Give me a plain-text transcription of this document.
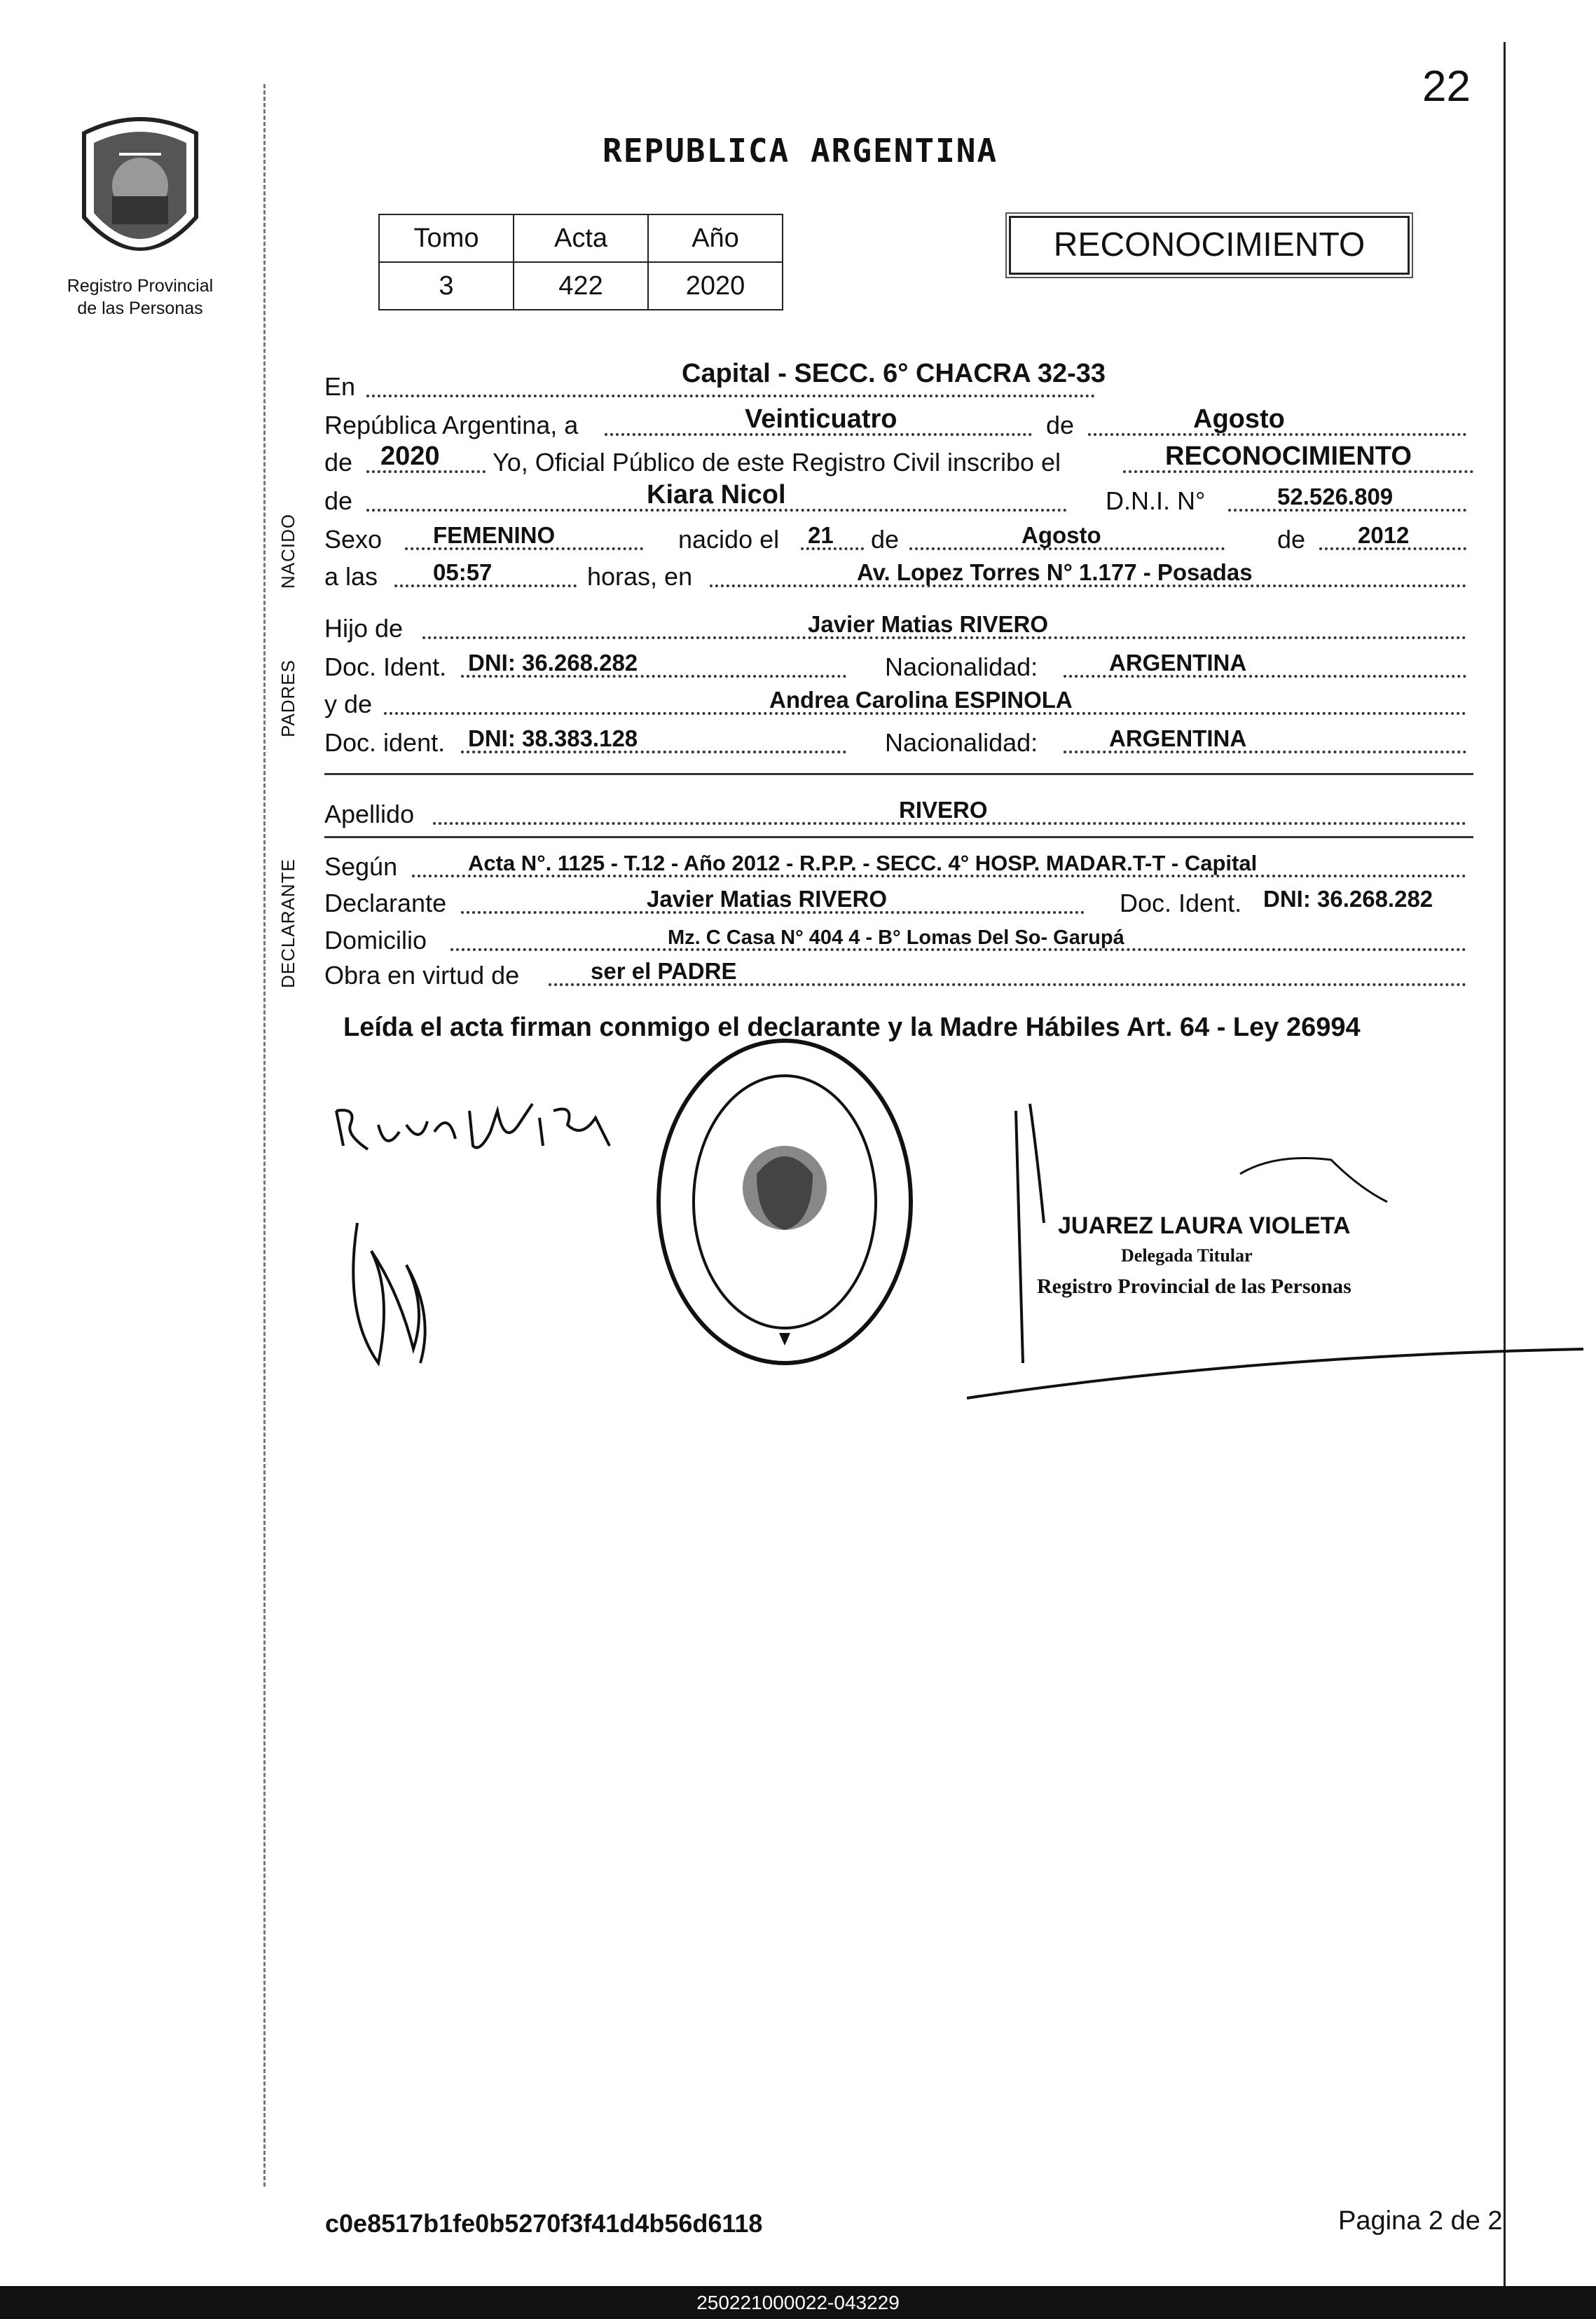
22
Registro Provincial
de las Personas
REPUBLICA ARGENTINA
Tomo	Acta	Año
3	422	2020
RECONOCIMIENTO
NACIDO
PADRES
DECLARANTE
En	Capital - SECC. 6° CHACRA 32-33
República Argentina, a	Veinticuatro	de	Agosto
de 2020 Yo, Oficial Público de este Registro Civil inscribo el	RECONOCIMIENTO
de	Kiara Nicol	D.N.I. N°	52.526.809
Sexo FEMENINO	nacido el 21 de	Agosto	de 2012
a las 05:57	horas, en	Av. Lopez Torres N° 1.177 - Posadas
Hijo de	Javier Matias RIVERO
Doc. Ident. DNI: 36.268.282	Nacionalidad:	ARGENTINA
y de	Andrea Carolina ESPINOLA
Doc. ident. DNI: 38.383.128	Nacionalidad:	ARGENTINA
Apellido	RIVERO
Según	Acta N°. 1125 - T.12 - Año 2012 - R.P.P. - SECC. 4° HOSP. MADAR.T-T - Capital
Declarante	Javier Matias RIVERO	Doc. Ident. DNI: 36.268.282
Domicilio	Mz. C Casa N° 404 4 - B° Lomas Del So- Garupá
Obra en virtud de	ser el PADRE
Leída el acta firman conmigo el declarante y la Madre Hábiles Art. 64 - Ley 26994
JUAREZ LAURA VIOLETA
Delegada Titular
Registro Provincial de las Personas
c0e8517b1fe0b5270f3f41d4b56d6118	Pagina 2 de 2
250221000022-043229
